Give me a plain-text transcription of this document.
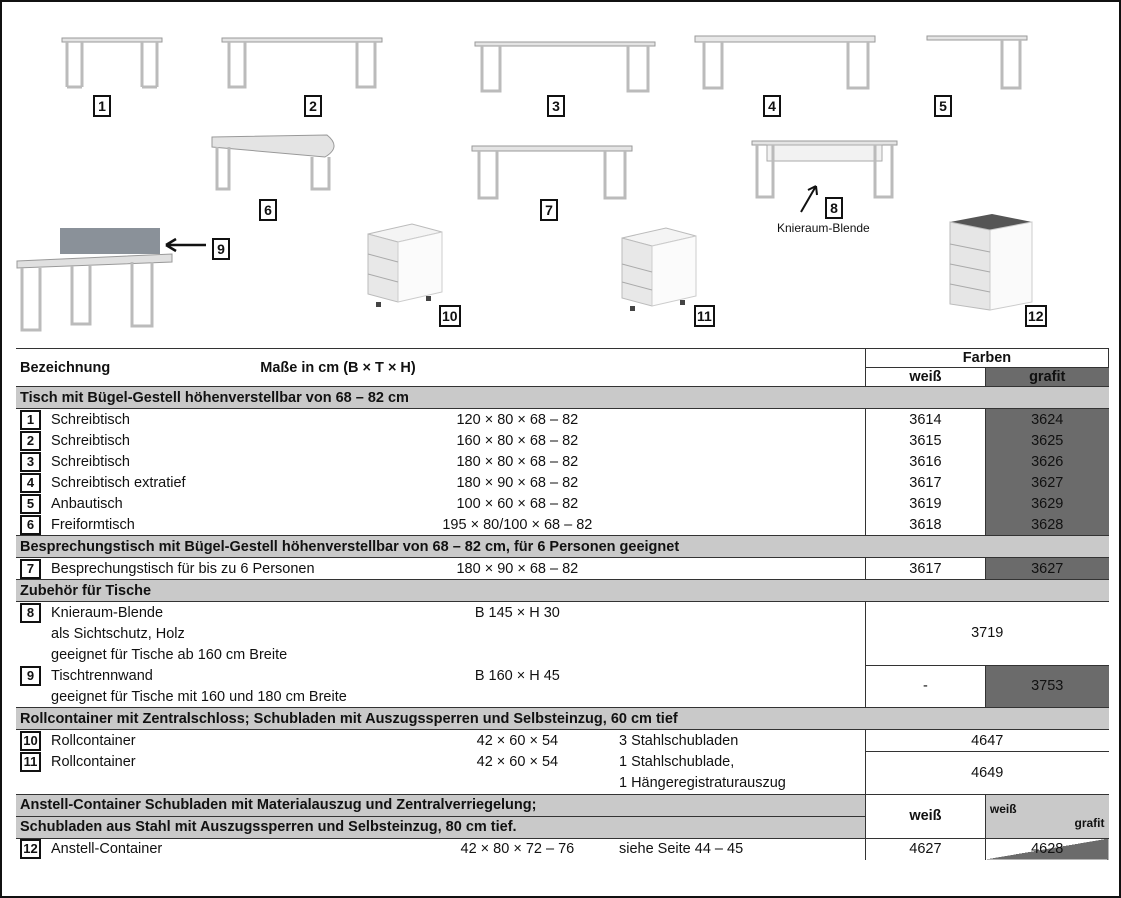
1	2	3	4	5
6	7	8
Knieraum-Blende
9
10	11	12
Bezeichnung Maße in cm (B × T × H)			Farben	
			weiß	grafit
Tisch mit Bügel-Gestell höhenverstellbar von 68 – 82 cm				
1 Schreibtisch	120 × 80 × 68 – 82		3614	3624
2 Schreibtisch	160 × 80 × 68 – 82		3615	3625
3 Schreibtisch	180 × 80 × 68 – 82		3616	3626
4 Schreibtisch extratief	180 × 90 × 68 – 82		3617	3627
5 Anbautisch	100 × 60 × 68 – 82		3619	3629
6 Freiformtisch	195 × 80/100 × 68 – 82		3618	3628
Besprechungstisch mit Bügel-Gestell höhenverstellbar von 68 – 82 cm, für 6 Personen geeignet				
7 Besprechungstisch für bis zu 6 Personen	180 × 90 × 68 – 82		3617	3627
Zubehör für Tische				
8 Knieraum-Blende	B 145 × H 30		3719	
als Sichtschutz, Holz				
geeignet für Tische ab 160 cm Breite				
9 Tischtrennwand	B 160 × H 45		-	3753
geeignet für Tische mit 160 und 180 cm Breite				
Rollcontainer mit Zentralschloss; Schubladen mit Auszugssperren und Selbsteinzug, 60 cm tief				
10 Rollcontainer	42 × 60 × 54	3 Stahlschubladen	4647	
11 Rollcontainer	42 × 60 × 54	1 Stahlschublade,	4649	
		1 Hängeregistraturauszug		
Anstell-Container Schubladen mit Materialauszug und Zentralverriegelung;			weiß	weiß
grafit

Schubladen aus Stahl mit Auszugssperren und Selbsteinzug, 80 cm tief.				
12 Anstell-Container	42 × 80 × 72 – 76	siehe Seite 44 – 45	4627	4628
